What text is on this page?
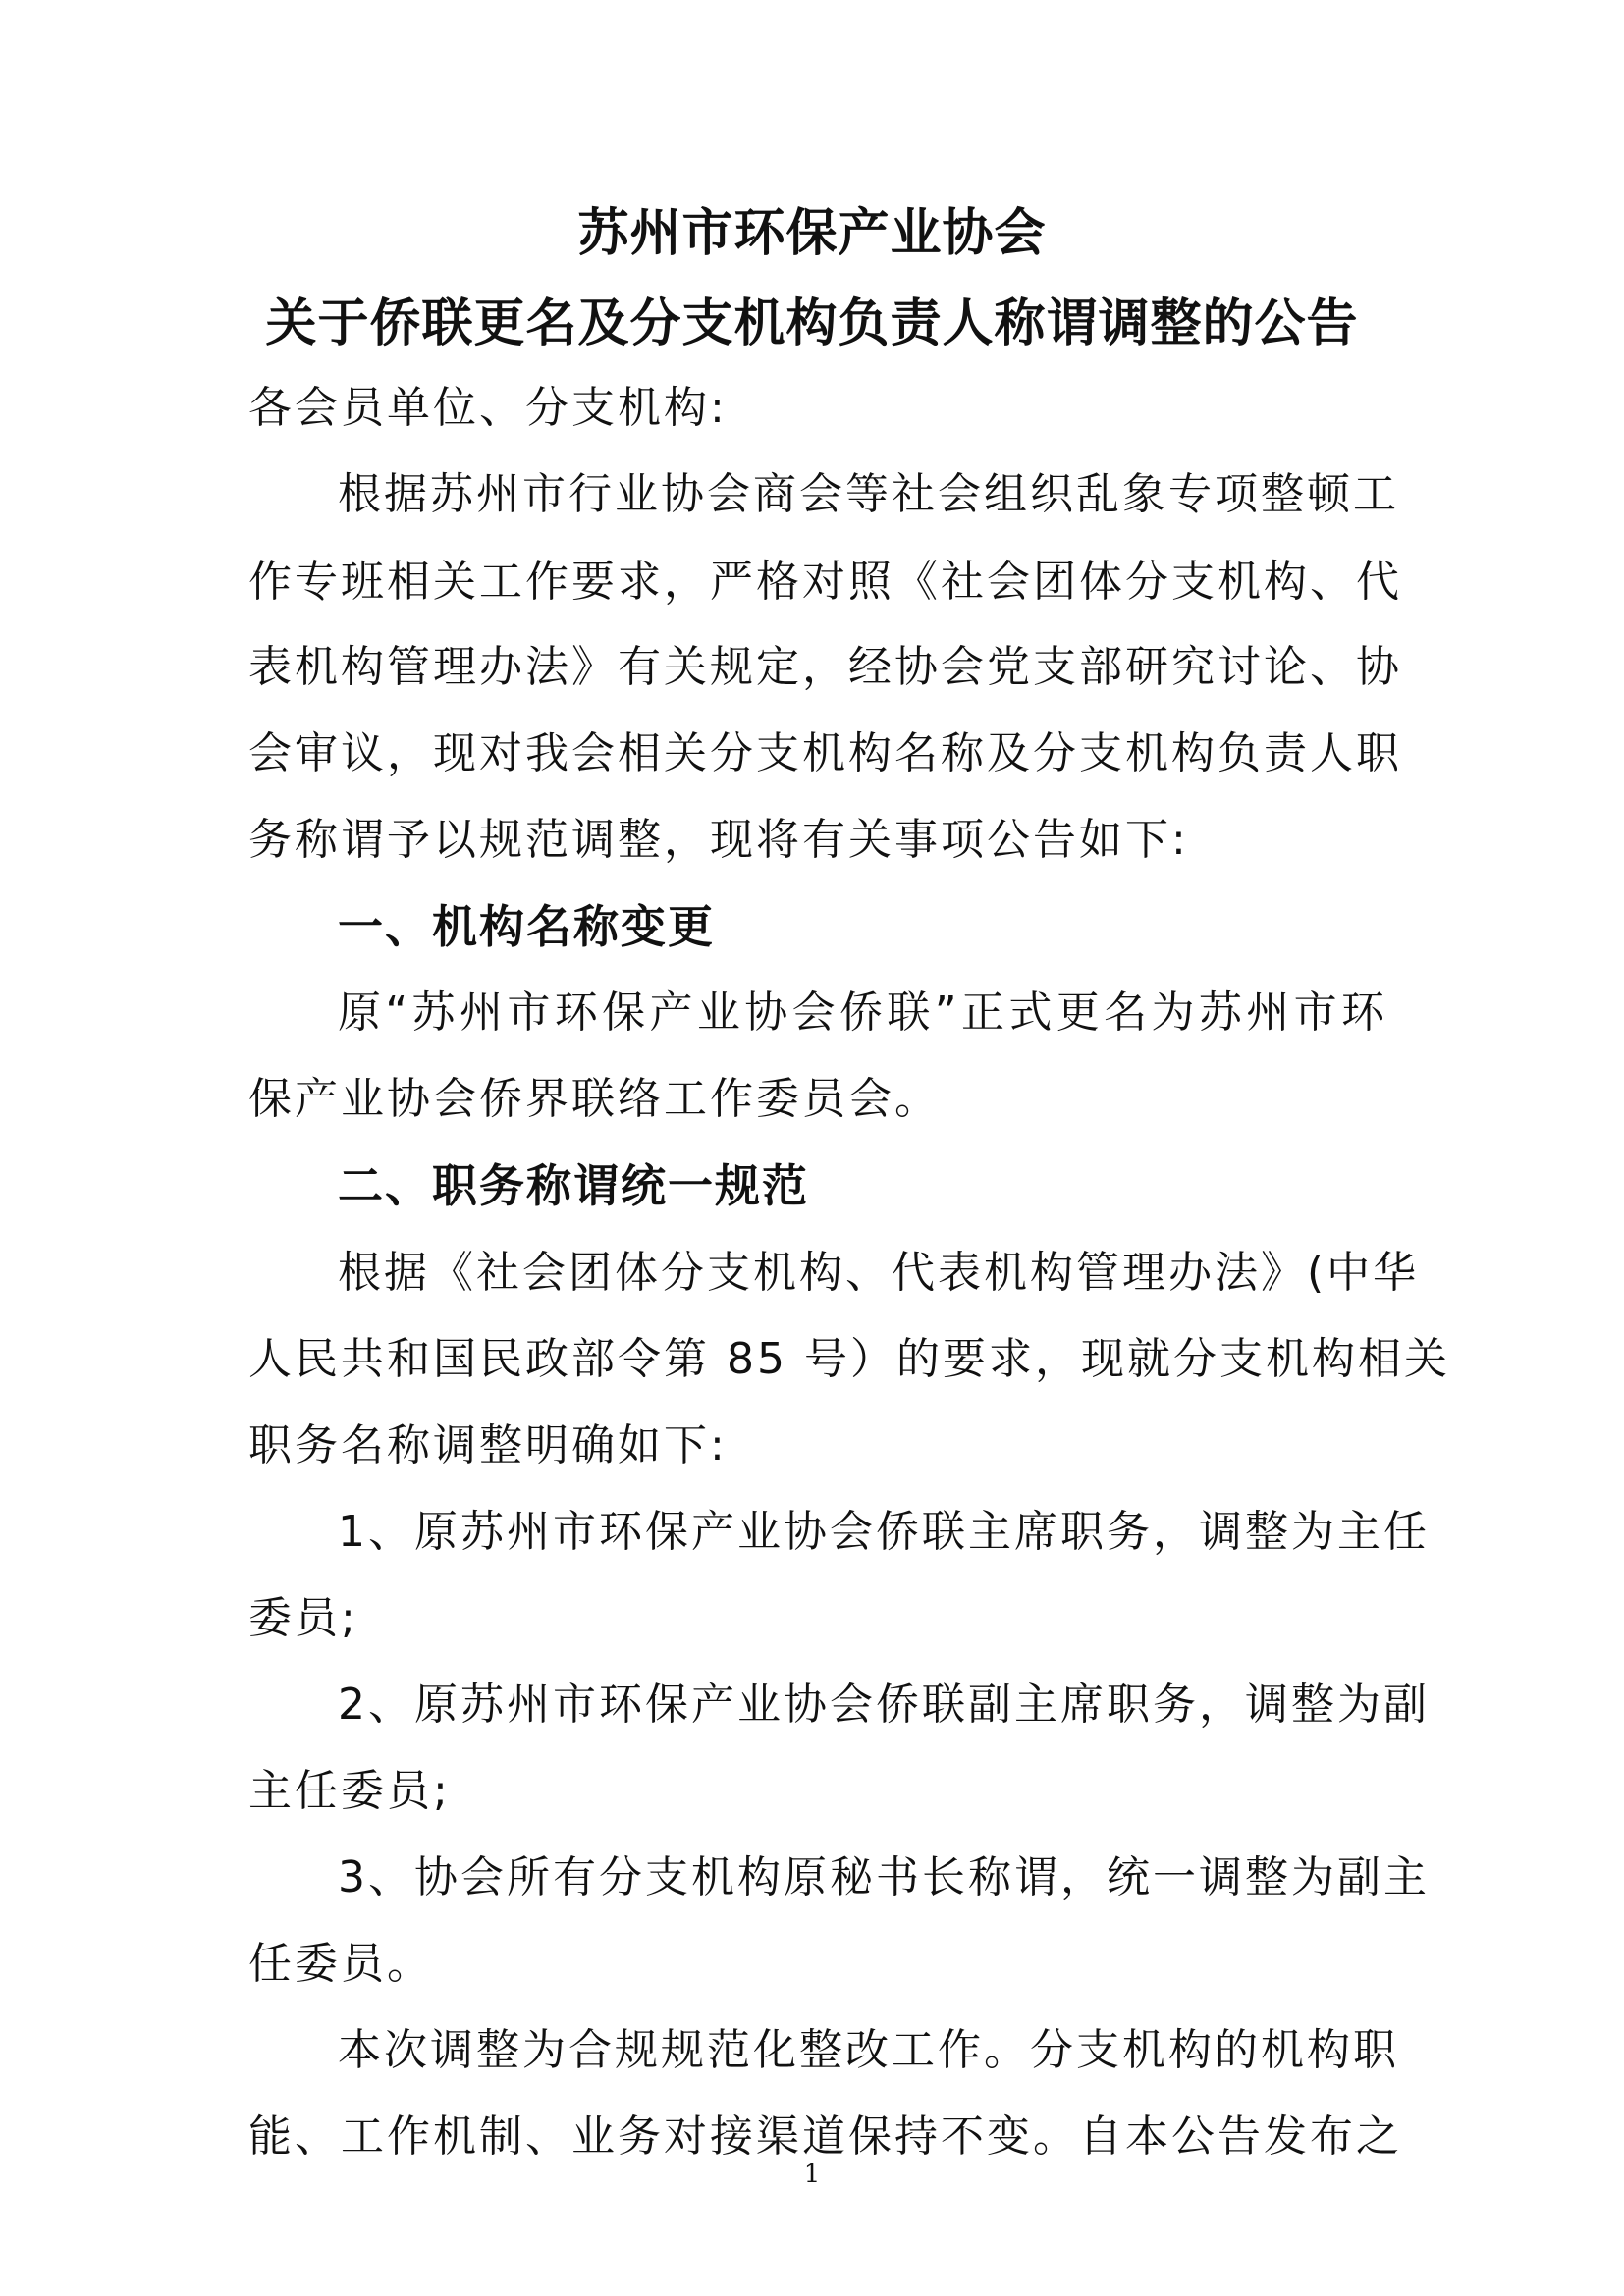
苏州市环保产业协会
关于侨联更名及分支机构负责人称谓调整的公告
各会员单位、分支机构:
根据苏州市行业协会商会等社会组织乱象专项整顿工
作专班相关工作要求，严格对照《社会团体分支机构、代
表机构管理办法》有关规定，经协会党支部研究讨论、协
会审议，现对我会相关分支机构名称及分支机构负责人职
务称谓予以规范调整，现将有关事项公告如下:
一、机构名称变更
原“苏州市环保产业协会侨联”正式更名为苏州市环
保产业协会侨界联络工作委员会。
二、职务称谓统一规范
根据《社会团体分支机构、代表机构管理办法》(中华
人民共和国民政部令第 85 号）的要求，现就分支机构相关
职务名称调整明确如下:
1、原苏州市环保产业协会侨联主席职务，调整为主任
委员;
2、原苏州市环保产业协会侨联副主席职务，调整为副
主任委员;
3、协会所有分支机构原秘书长称谓，统一调整为副主
任委员。
本次调整为合规规范化整改工作。分支机构的机构职
能、工作机制、业务对接渠道保持不变。自本公告发布之
1
